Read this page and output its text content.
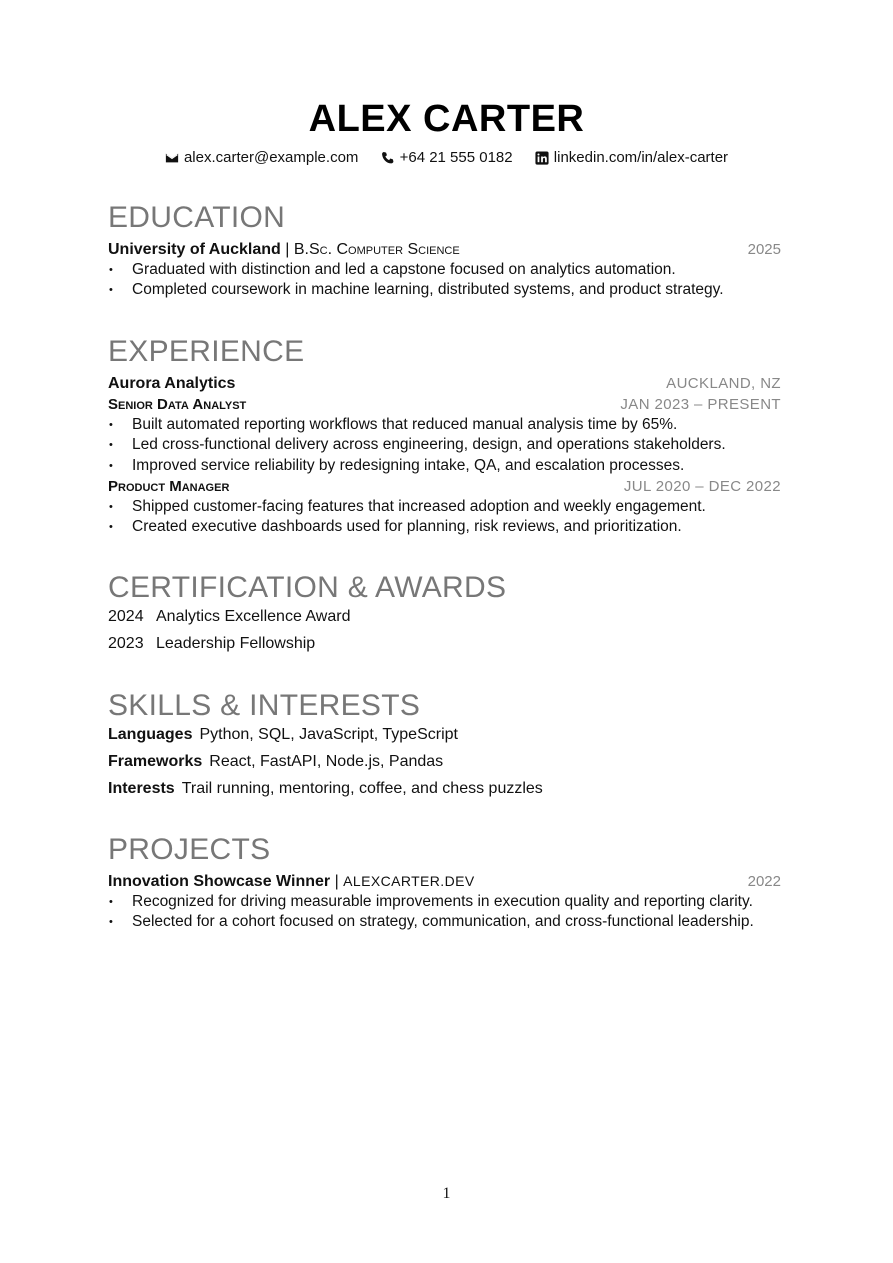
ALEX CARTER
alex.carter@example.com
	+64 21 555 0182
	linkedin.com/in/alex-carter
EDUCATION
University of Auckland | B.Sc. Computer Science	2025
• Graduated with distinction and led a capstone focused on analytics automation.
• Completed coursework in machine learning, distributed systems, and product strategy.
EXPERIENCE
Aurora Analytics	AUCKLAND, NZ
Senior Data Analyst	JAN 2023 – PRESENT
• Built automated reporting workflows that reduced manual analysis time by 65%.
• Led cross-functional delivery across engineering, design, and operations stakeholders.
• Improved service reliability by redesigning intake, QA, and escalation processes.
Product Manager	JUL 2020 – DEC 2022
• Shipped customer-facing features that increased adoption and weekly engagement.
• Created executive dashboards used for planning, risk reviews, and prioritization.
CERTIFICATION & AWARDS
2024 Analytics Excellence Award
2023 Leadership Fellowship
SKILLS & INTERESTS
Languages Python, SQL, JavaScript, TypeScript
Frameworks React, FastAPI, Node.js, Pandas
Interests Trail running, mentoring, coffee, and chess puzzles
PROJECTS
Innovation Showcase Winner | ALEXCARTER.DEV	2022
• Recognized for driving measurable improvements in execution quality and reporting clarity.
• Selected for a cohort focused on strategy, communication, and cross-functional leadership.
1
